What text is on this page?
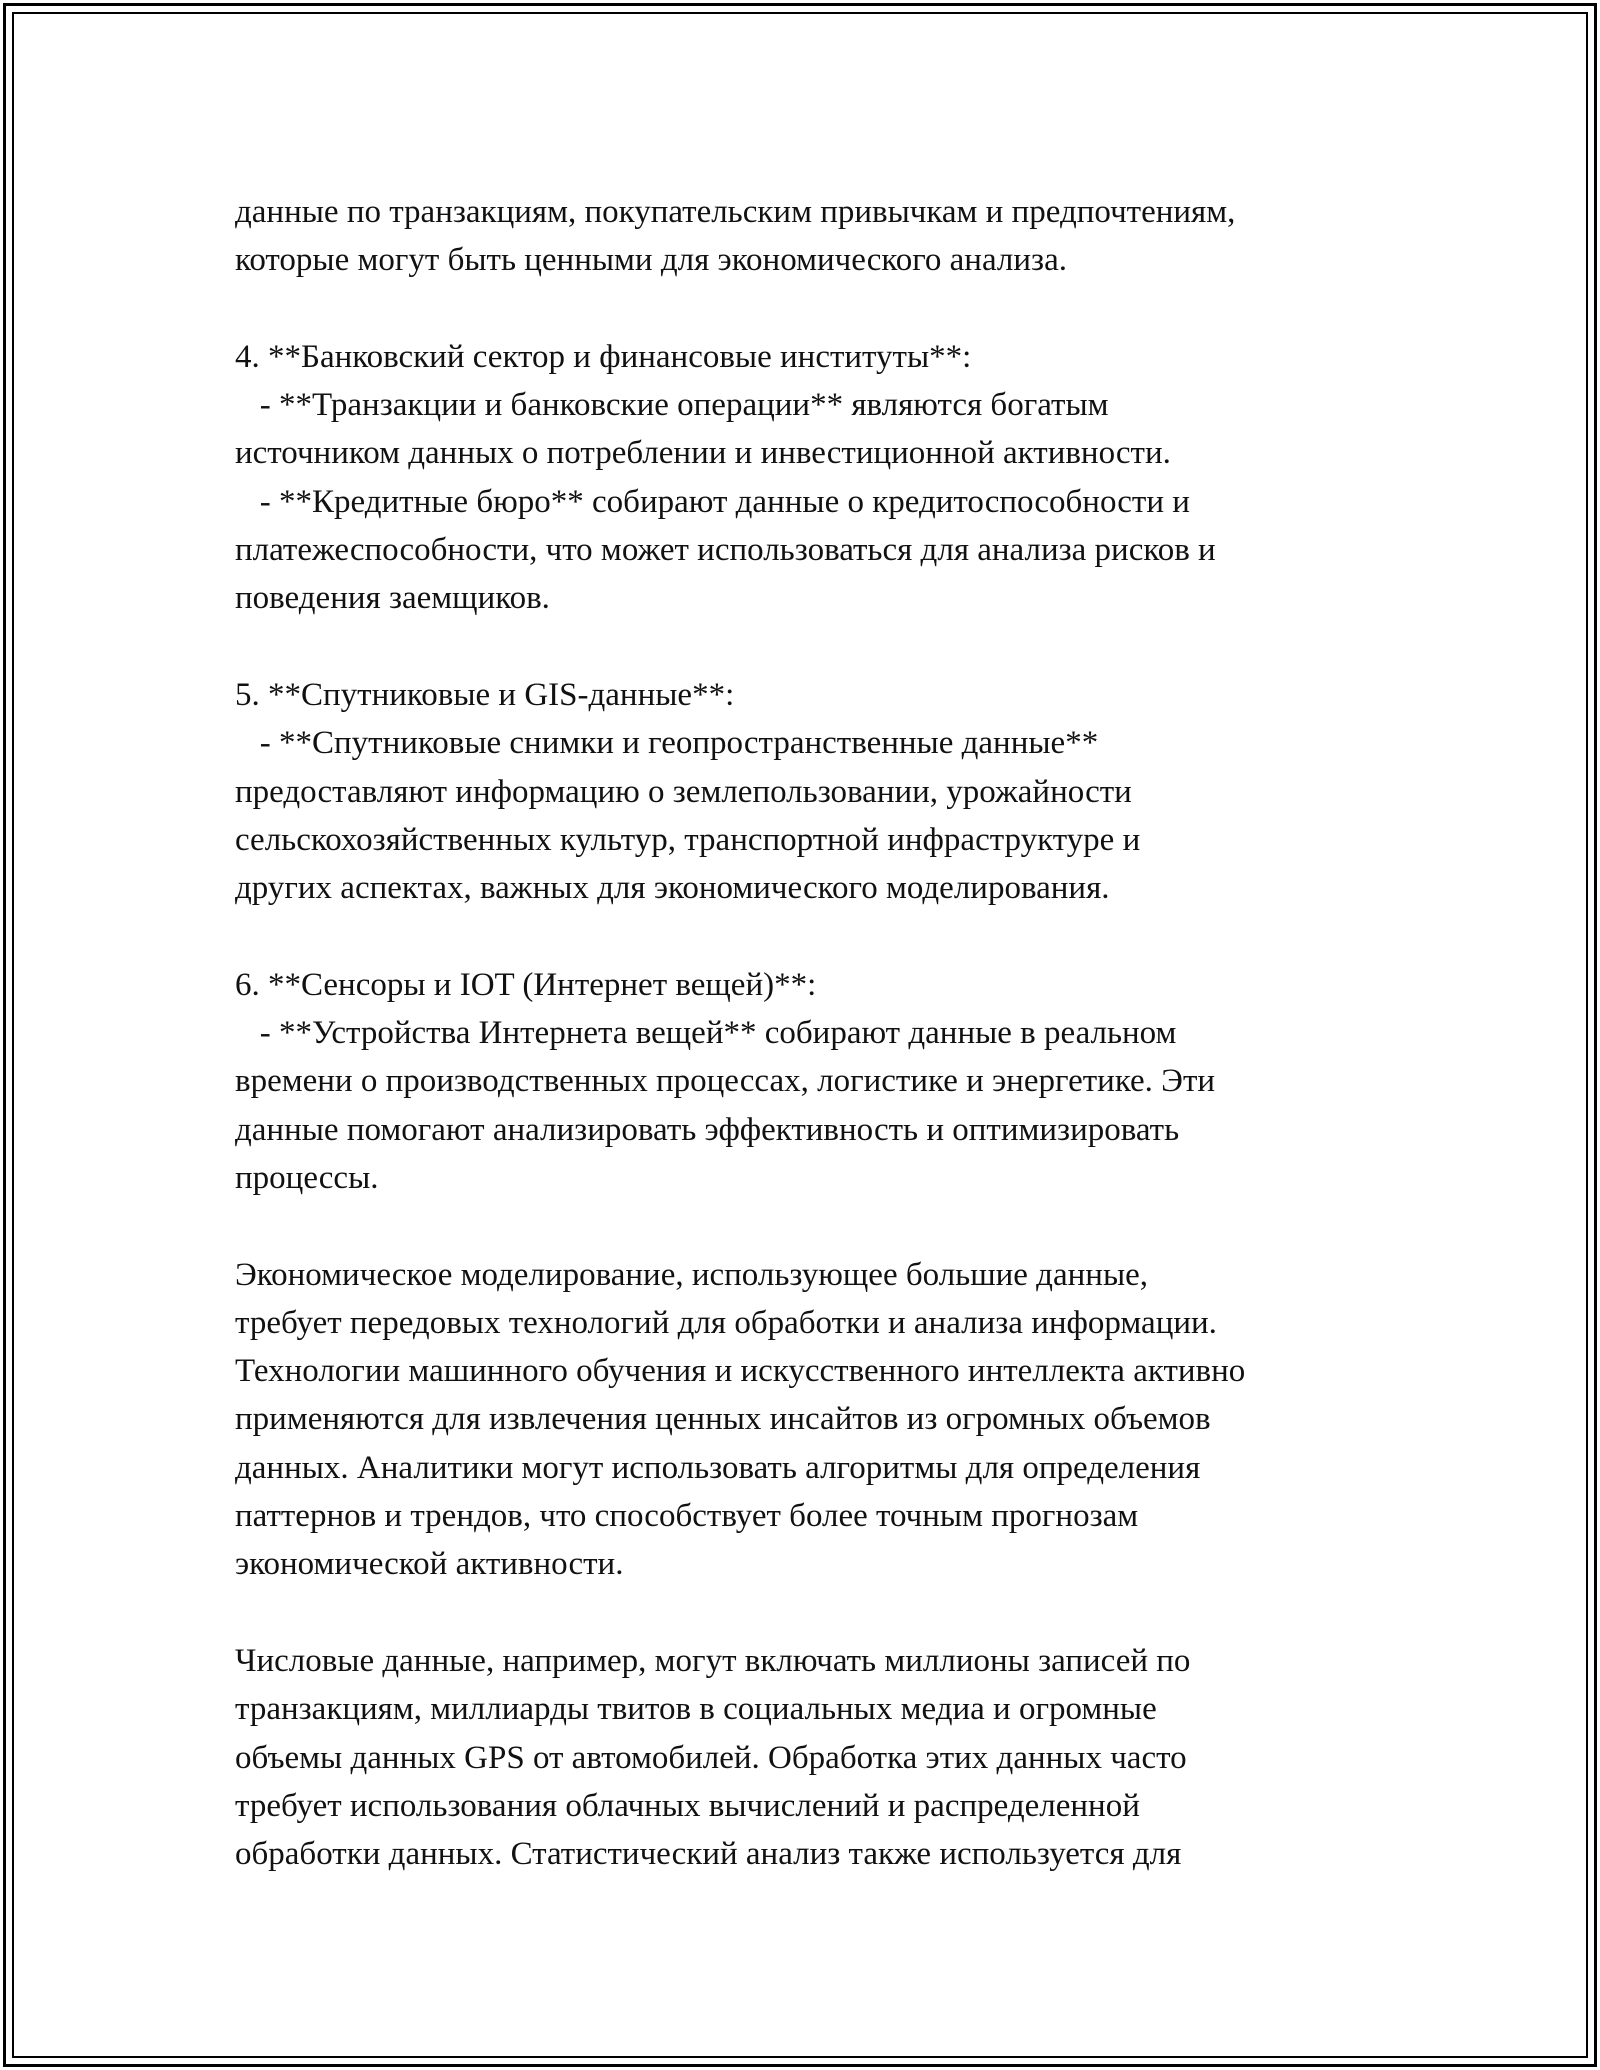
данные по транзакциям, покупательским привычкам и предпочтениям,
которые могут быть ценными для экономического анализа.
4. **Банковский сектор и финансовые институты**:
- **Транзакции и банковские операции** являются богатым
источником данных о потреблении и инвестиционной активности.
- **Кредитные бюро** собирают данные о кредитоспособности и
платежеспособности, что может использоваться для анализа рисков и
поведения заемщиков.
5. **Спутниковые и GIS-данные**:
- **Спутниковые снимки и геопространственные данные**
предоставляют информацию о землепользовании, урожайности
сельскохозяйственных культур, транспортной инфраструктуре и
других аспектах, важных для экономического моделирования.
6. **Сенсоры и IOT (Интернет вещей)**:
- **Устройства Интернета вещей** собирают данные в реальном
времени о производственных процессах, логистике и энергетике. Эти
данные помогают анализировать эффективность и оптимизировать
процессы.
Экономическое моделирование, использующее большие данные,
требует передовых технологий для обработки и анализа информации.
Технологии машинного обучения и искусственного интеллекта активно
применяются для извлечения ценных инсайтов из огромных объемов
данных. Аналитики могут использовать алгоритмы для определения
паттернов и трендов, что способствует более точным прогнозам
экономической активности.
Числовые данные, например, могут включать миллионы записей по
транзакциям, миллиарды твитов в социальных медиа и огромные
объемы данных GPS от автомобилей. Обработка этих данных часто
требует использования облачных вычислений и распределенной
обработки данных. Статистический анализ также используется для
